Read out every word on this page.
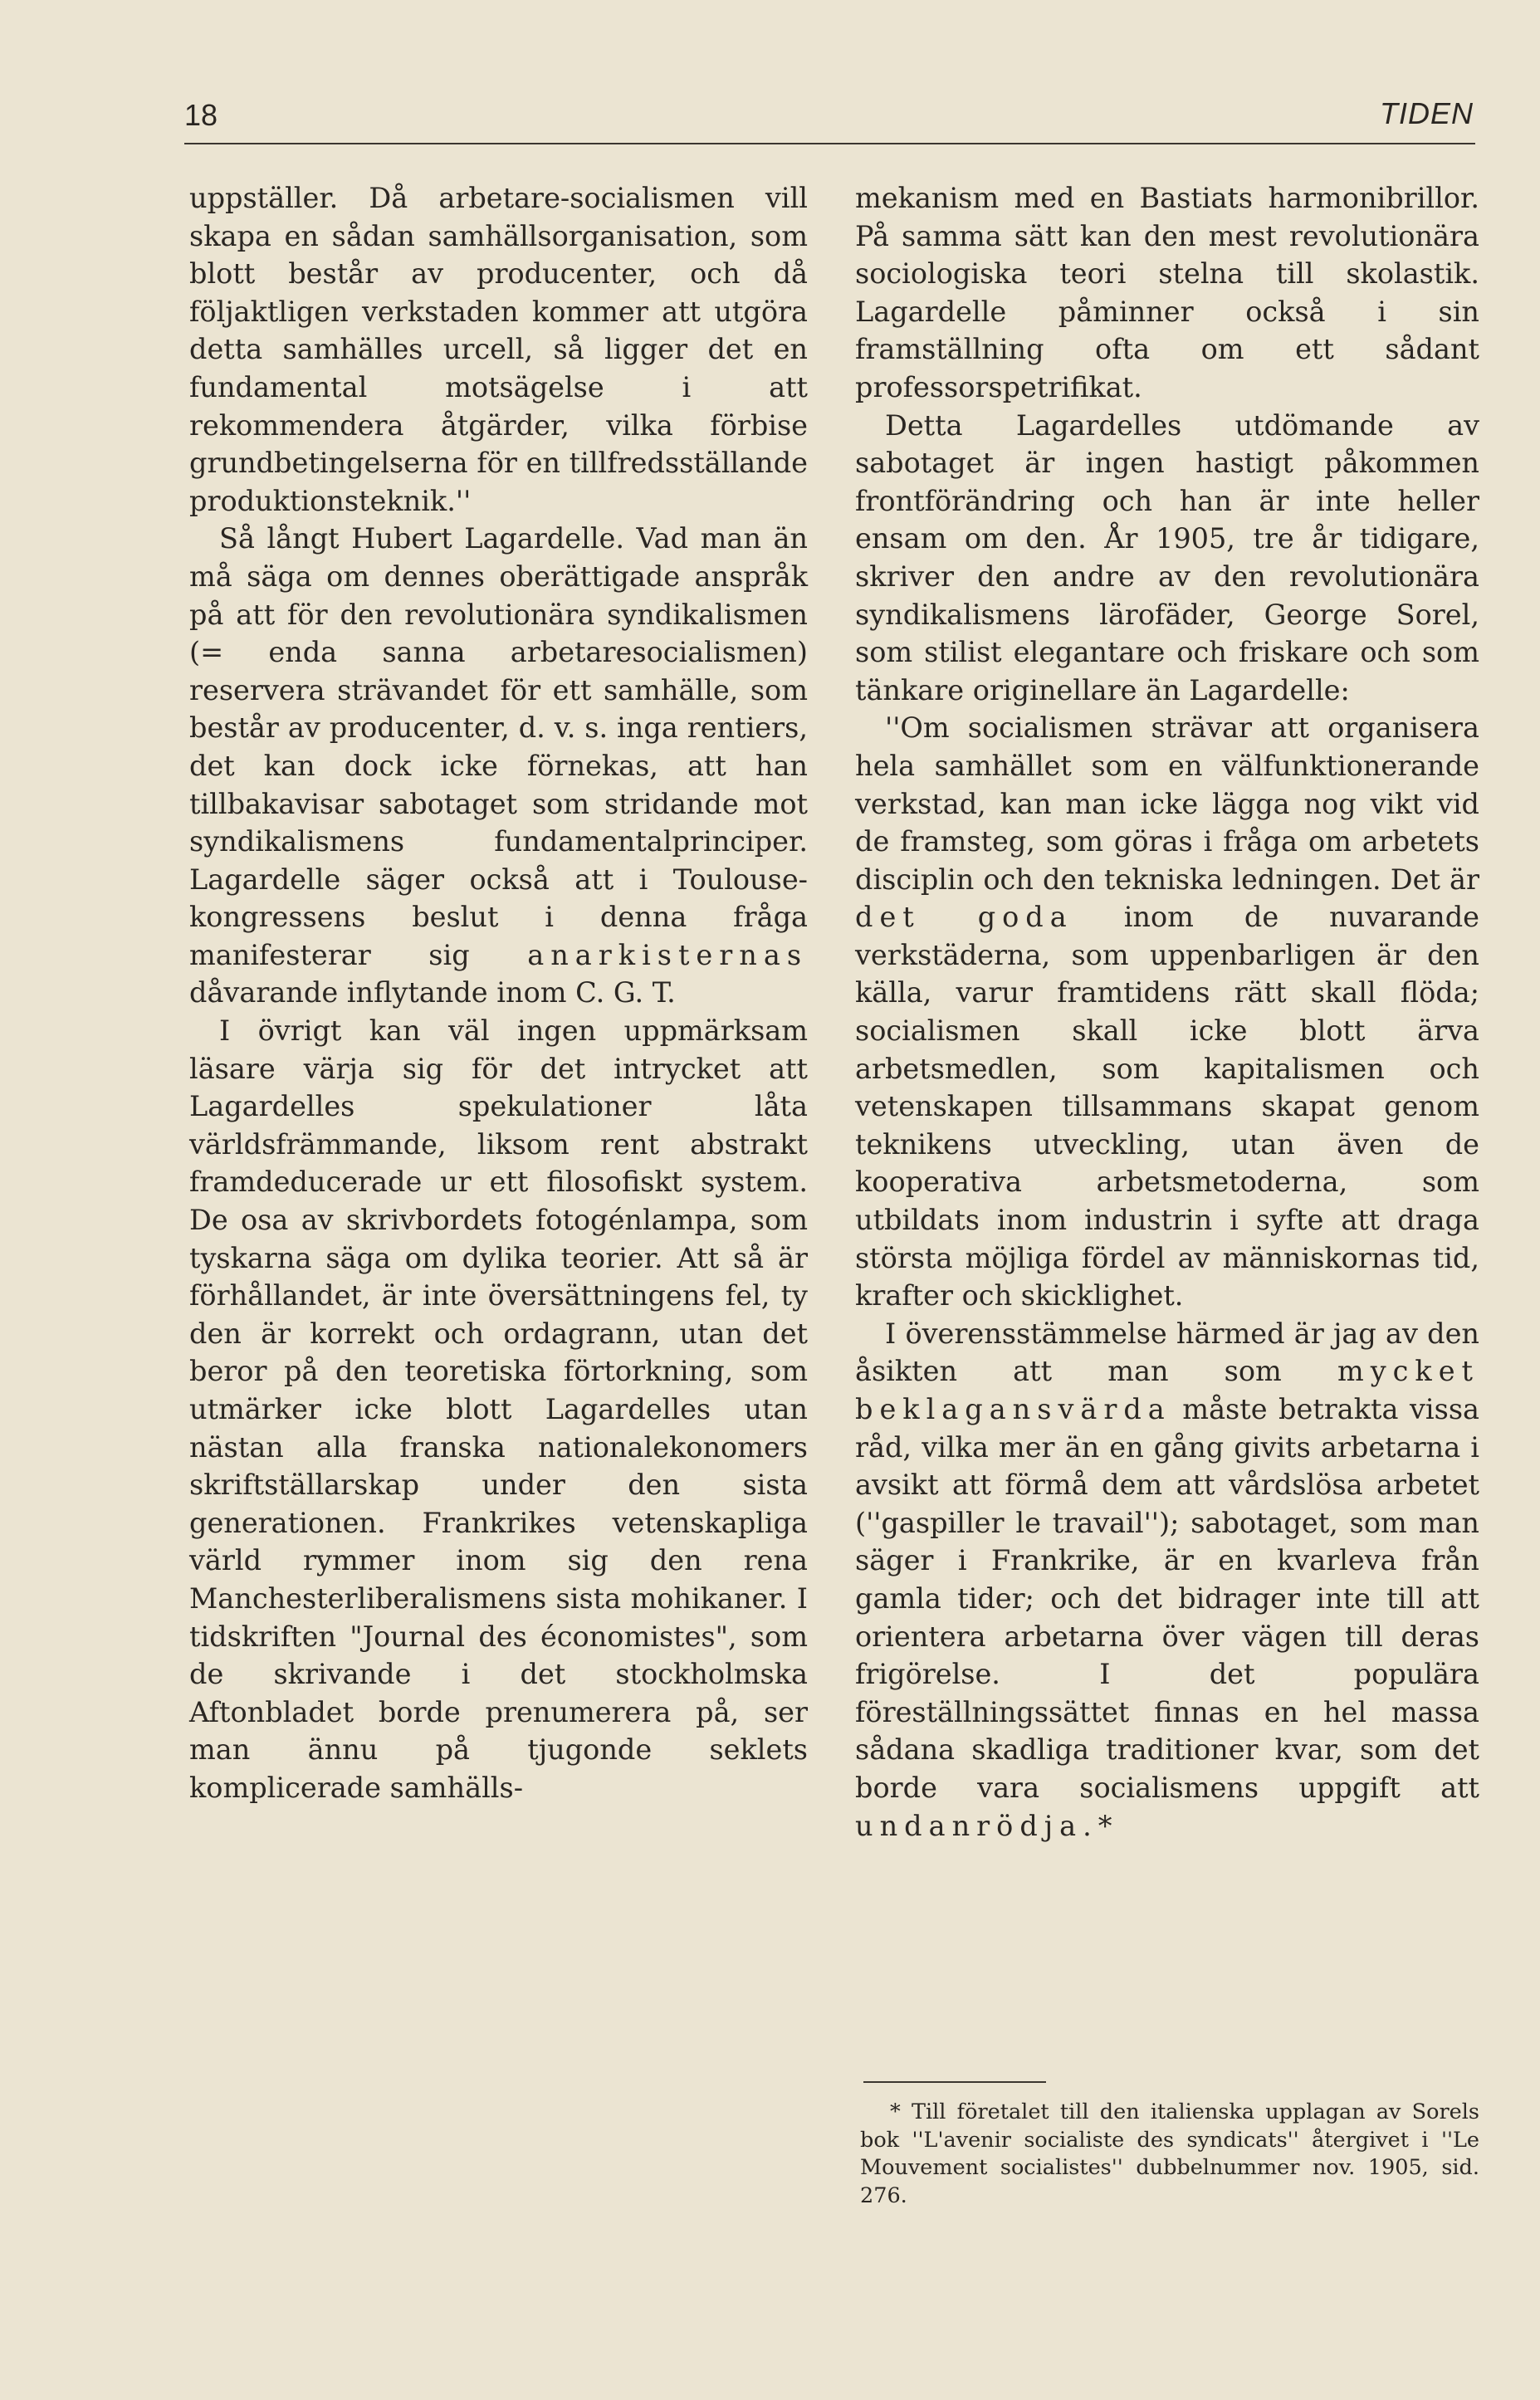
18	TIDEN

uppställer. Då arbetare-socialismen vill skapa en sådan samhällsorganisation, som blott består av producenter, och då följaktligen verkstaden kommer att utgöra detta samhälles urcell, så ligger det en fundamental motsägelse i att rekommendera åtgärder, vilka förbise grundbetingelserna för en tillfredsställande produktionsteknik.''

Så långt Hubert Lagardelle. Vad man än må säga om dennes oberättigade anspråk på att för den revolutionära syndikalismen (= enda sanna arbetaresocialismen) reservera strävandet för ett samhälle, som består av producenter, d. v. s. inga rentiers, det kan dock icke förnekas, att han tillbakavisar sabotaget som stridande mot syndikalismens fundamentalprinciper. Lagardelle säger också att i Toulouse-kongressens beslut i denna fråga manifesterar sig anarkisternas dåvarande inflytande inom C. G. T.

I övrigt kan väl ingen uppmärksam läsare värja sig för det intrycket att Lagardelles spekulationer låta världsfrämmande, liksom rent abstrakt framdeducerade ur ett filosofiskt system. De osa av skrivbordets fotogénlampa, som tyskarna säga om dylika teorier. Att så är förhållandet, är inte översättningens fel, ty den är korrekt och ordagrann, utan det beror på den teoretiska förtorkning, som utmärker icke blott Lagardelles utan nästan alla franska nationalekonomers skriftställarskap under den sista generationen. Frankrikes vetenskapliga värld rymmer inom sig den rena Manchesterliberalismens sista mohikaner. I tidskriften "Journal des économistes", som de skrivande i det stockholmska Aftonbladet borde prenumerera på, ser man ännu på tjugonde seklets komplicerade samhälls-

mekanism med en Bastiats harmonibrillor. På samma sätt kan den mest revolutionära sociologiska teori stelna till skolastik. Lagardelle påminner också i sin framställning ofta om ett sådant professorspetrifikat.

Detta Lagardelles utdömande av sabotaget är ingen hastigt påkommen frontförändring och han är inte heller ensam om den. År 1905, tre år tidigare, skriver den andre av den revolutionära syndikalismens lärofäder, George Sorel, som stilist elegantare och friskare och som tänkare originellare än Lagardelle:

''Om socialismen strävar att organisera hela samhället som en välfunktionerande verkstad, kan man icke lägga nog vikt vid de framsteg, som göras i fråga om arbetets disciplin och den tekniska ledningen. Det är det goda inom de nuvarande verkstäderna, som uppenbarligen är den källa, varur framtidens rätt skall flöda; socialismen skall icke blott ärva arbetsmedlen, som kapitalismen och vetenskapen tillsammans skapat genom teknikens utveckling, utan även de kooperativa arbetsmetoderna, som utbildats inom industrin i syfte att draga största möjliga fördel av människornas tid, krafter och skicklighet.

I överensstämmelse härmed är jag av den åsikten att man som mycket beklagansvärda måste betrakta vissa råd, vilka mer än en gång givits arbetarna i avsikt att förmå dem att vårdslösa arbetet (''gaspiller le travail''); sabotaget, som man säger i Frankrike, är en kvarleva från gamla tider; och det bidrager inte till att orientera arbetarna över vägen till deras frigörelse. I det populära föreställningssättet finnas en hel massa sådana skadliga traditioner kvar, som det borde vara socialismens uppgift att undanrödja.*

* Till företalet till den italienska upplagan av Sorels bok ''L'avenir socialiste des syndicats'' återgivet i ''Le Mouvement socialistes'' dubbelnummer nov. 1905, sid. 276.
